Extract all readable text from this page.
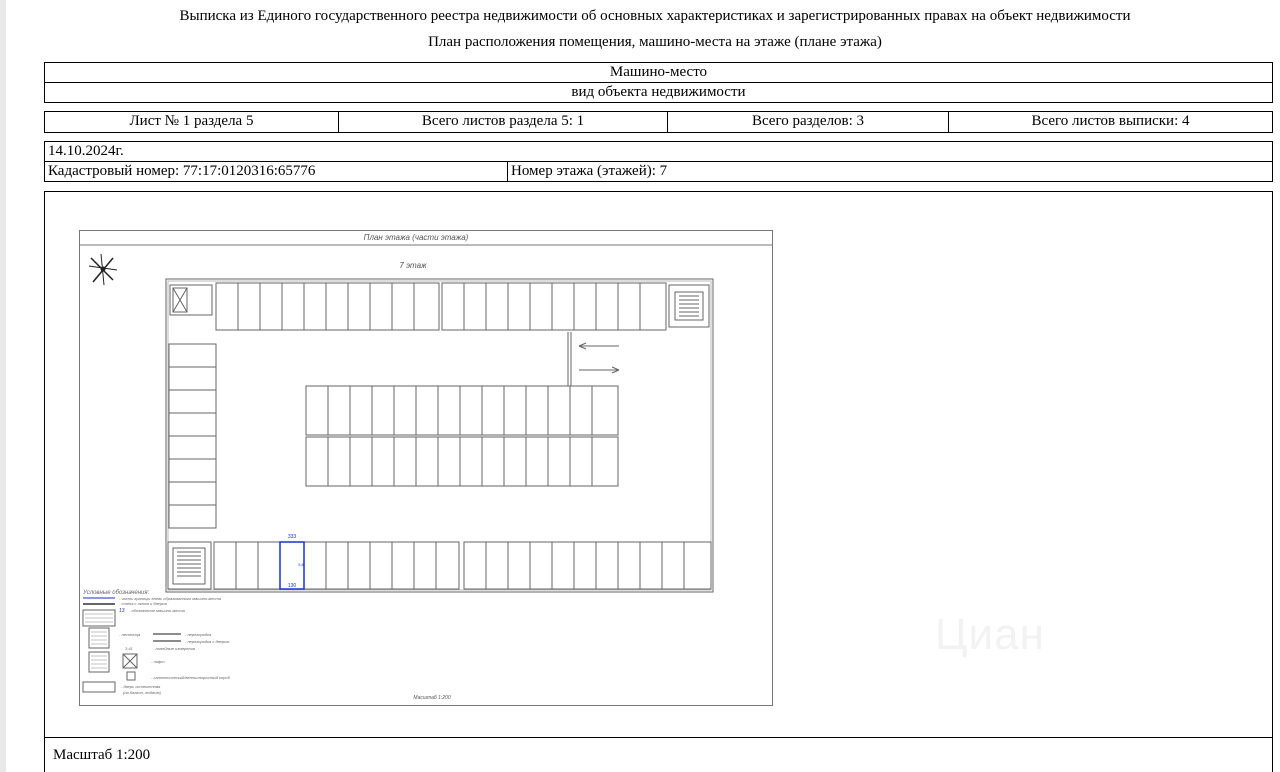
Выписка из Единого государственного реестра недвижимости об основных характеристиках и зарегистрированных правах на объект недвижимости
План расположения помещения, машино-места на этаже (плане этажа)
Машино-место
вид объекта недвижимости
Лист № 1 раздела 5	Всего листов раздела 5: 1	Всего разделов: 3	Всего листов выписки: 4
14.10.2024г.
Кадастровый номер: 77:17:0120316:65776	Номер этажа (этажей): 7
План этажа (части этажа)
7 этаж
333
130
5,8
Условные обозначения:
- часть границы вновь образованного машино-места
- стена с окном и дверью
13 - обозначение машино-места
- лестница	- перегородка
- перегородка с дверью
3,41	- линейные измерения
- лифт
- сантехнический/вентиляционный короб
- дверь остекленная
(на балкон, лоджию)
Масштаб 1:200
Циан
Масштаб 1:200
